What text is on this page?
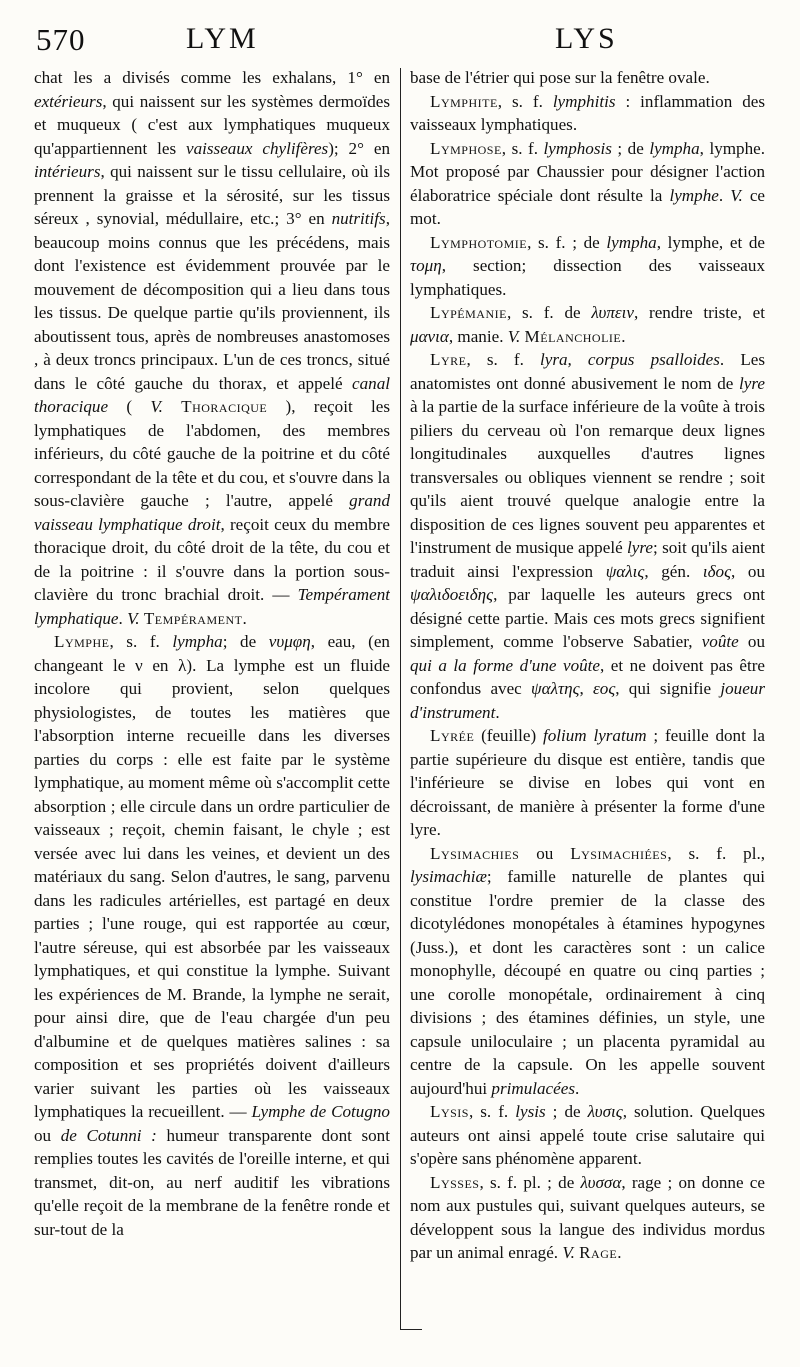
570	LYM	LYS

chat les a divisés comme les exhalans, 1° en extérieurs, qui naissent sur les systèmes dermoïdes et muqueux ( c'est aux lymphatiques muqueux qu'appartiennent les vaisseaux chylifères); 2° en intérieurs, qui naissent sur le tissu cellulaire, où ils prennent la graisse et la sérosité, sur les tissus séreux , synovial, médullaire, etc.; 3° en nutritifs, beaucoup moins connus que les précédens, mais dont l'existence est évidemment prouvée par le mouvement de décomposition qui a lieu dans tous les tissus. De quelque partie qu'ils proviennent, ils aboutissent tous, après de nombreuses anastomoses , à deux troncs principaux. L'un de ces troncs, situé dans le côté gauche du thorax, et appelé canal thoracique ( V. Thoracique ), reçoit les lymphatiques de l'abdomen, des membres inférieurs, du côté gauche de la poitrine et du côté correspondant de la tête et du cou, et s'ouvre dans la sous-clavière gauche ; l'autre, appelé grand vaisseau lymphatique droit, reçoit ceux du membre thoracique droit, du côté droit de la tête, du cou et de la poitrine : il s'ouvre dans la portion sous-clavière du tronc brachial droit. — Tempérament lymphatique. V. Tempérament.

Lymphe, s. f. lympha; de νυμφη, eau, (en changeant le ν en λ). La lymphe est un fluide incolore qui provient, selon quelques physiologistes, de toutes les matières que l'absorption interne recueille dans les diverses parties du corps : elle est faite par le système lymphatique, au moment même où s'accomplit cette absorption ; elle circule dans un ordre particulier de vaisseaux ; reçoit, chemin faisant, le chyle ; est versée avec lui dans les veines, et devient un des matériaux du sang. Selon d'autres, le sang, parvenu dans les radicules artérielles, est partagé en deux parties ; l'une rouge, qui est rapportée au cœur, l'autre séreuse, qui est absorbée par les vaisseaux lymphatiques, et qui constitue la lymphe. Suivant les expériences de M. Brande, la lymphe ne serait, pour ainsi dire, que de l'eau chargée d'un peu d'albumine et de quelques matières salines : sa composition et ses propriétés doivent d'ailleurs varier suivant les parties où les vaisseaux lymphatiques la recueillent. — Lymphe de Cotugno ou de Cotunni : humeur transparente dont sont remplies toutes les cavités de l'oreille interne, et qui transmet, dit-on, au nerf auditif les vibrations qu'elle reçoit de la membrane de la fenêtre ronde et sur-tout de la

base de l'étrier qui pose sur la fenêtre ovale.

Lymphite, s. f. lymphitis : inflammation des vaisseaux lymphatiques.

Lymphose, s. f. lymphosis ; de lympha, lymphe. Mot proposé par Chaussier pour désigner l'action élaboratrice spéciale dont résulte la lymphe. V. ce mot.

Lymphotomie, s. f. ; de lympha, lymphe, et de τομη, section; dissection des vaisseaux lymphatiques.

Lypémanie, s. f. de λυπειν, rendre triste, et μανια, manie. V. Mélancholie.

Lyre, s. f. lyra, corpus psalloides. Les anatomistes ont donné abusivement le nom de lyre à la partie de la surface inférieure de la voûte à trois piliers du cerveau où l'on remarque deux lignes longitudinales auxquelles d'autres lignes transversales ou obliques viennent se rendre ; soit qu'ils aient trouvé quelque analogie entre la disposition de ces lignes souvent peu apparentes et l'instrument de musique appelé lyre; soit qu'ils aient traduit ainsi l'expression ψαλις, gén. ιδος, ou ψαλιδοειδης, par laquelle les auteurs grecs ont désigné cette partie. Mais ces mots grecs signifient simplement, comme l'observe Sabatier, voûte ou qui a la forme d'une voûte, et ne doivent pas être confondus avec ψαλτης, εος, qui signifie joueur d'instrument.

Lyrée (feuille) folium lyratum ; feuille dont la partie supérieure du disque est entière, tandis que l'inférieure se divise en lobes qui vont en décroissant, de manière à présenter la forme d'une lyre.

Lysimachies ou Lysimachiées, s. f. pl., lysimachiæ; famille naturelle de plantes qui constitue l'ordre premier de la classe des dicotylédones monopétales à étamines hypogynes (Juss.), et dont les caractères sont : un calice monophylle, découpé en quatre ou cinq parties ; une corolle monopétale, ordinairement à cinq divisions ; des étamines définies, un style, une capsule uniloculaire ; un placenta pyramidal au centre de la capsule. On les appelle souvent aujourd'hui primulacées.

Lysis, s. f. lysis ; de λυσις, solution. Quelques auteurs ont ainsi appelé toute crise salutaire qui s'opère sans phénomène apparent.

Lysses, s. f. pl. ; de λυσσα, rage ; on donne ce nom aux pustules qui, suivant quelques auteurs, se développent sous la langue des individus mordus par un animal enragé. V. Rage.
